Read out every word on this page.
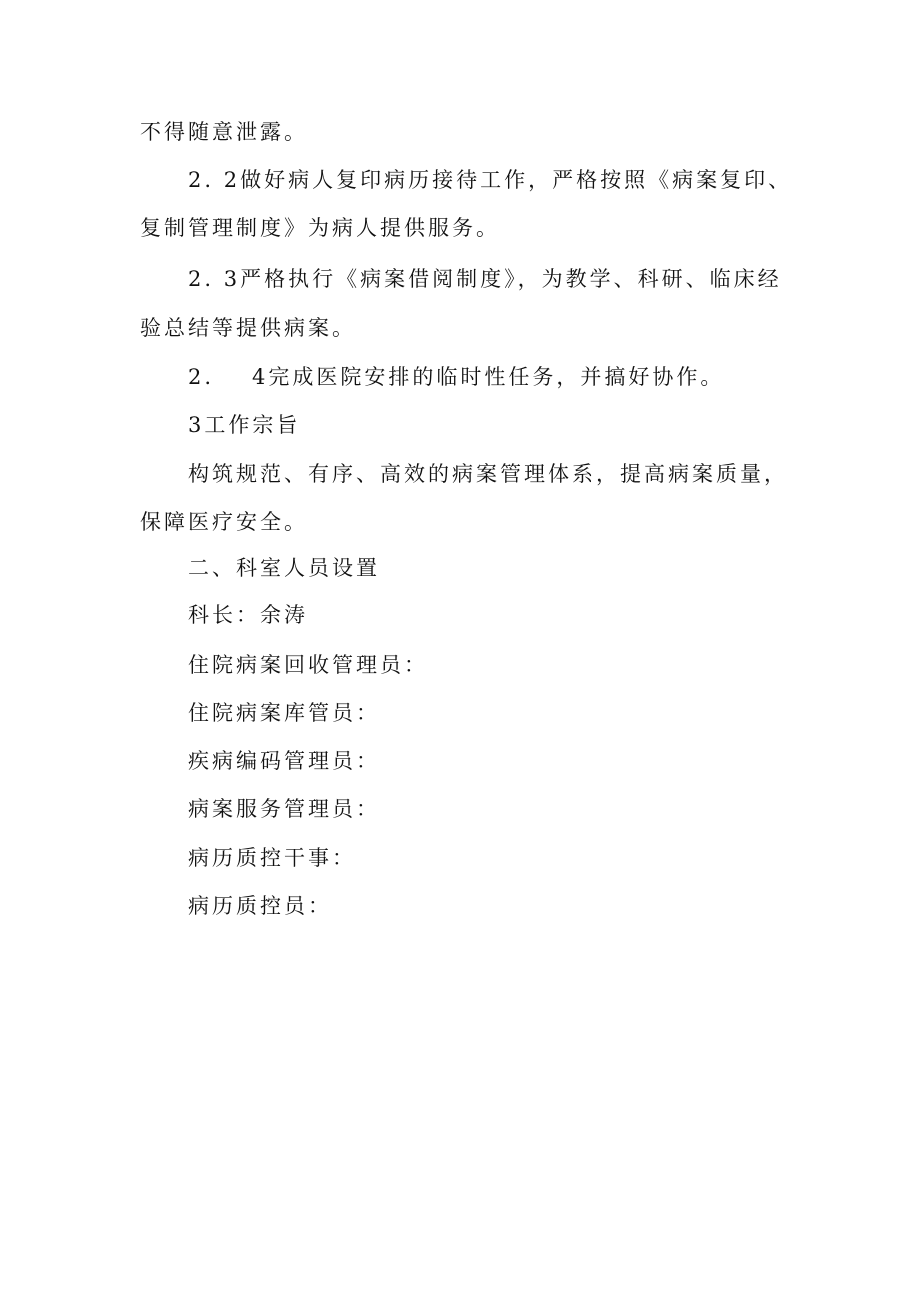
不得随意泄露。
2. 2做好病人复印病历接待工作，严格按照《病案复印、
复制管理制度》为病人提供服务。
2. 3严格执行《病案借阅制度》，为教学、科研、临床经
验总结等提供病案。
2. 4完成医院安排的临时性任务，并搞好协作。
3工作宗旨
构筑规范、有序、高效的病案管理体系，提高病案质量，
保障医疗安全。
二、科室人员设置
科长：余涛
住院病案回收管理员：
住院病案库管员：
疾病编码管理员：
病案服务管理员：
病历质控干事：
病历质控员：
